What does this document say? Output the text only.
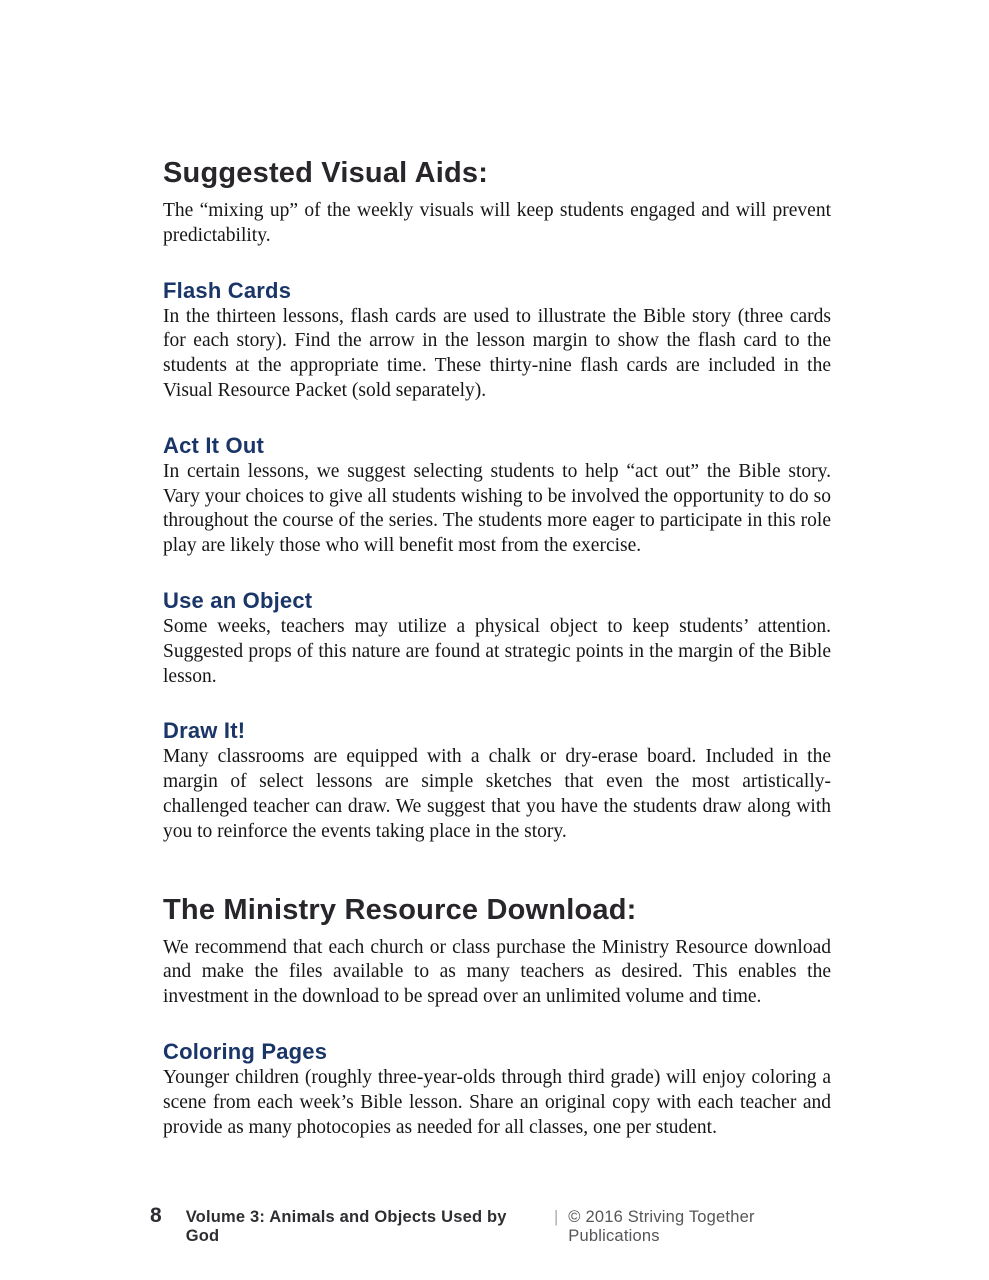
Suggested Visual Aids:

The “mixing up” of the weekly visuals will keep students engaged and will prevent predictability.

Flash Cards

In the thirteen lessons, flash cards are used to illustrate the Bible story (three cards for each story). Find the arrow in the lesson margin to show the flash card to the students at the appropriate time. These thirty-nine flash cards are included in the Visual Resource Packet (sold separately).

Act It Out

In certain lessons, we suggest selecting students to help “act out” the Bible story. Vary your choices to give all students wishing to be involved the opportunity to do so throughout the course of the series. The students more eager to participate in this role play are likely those who will benefit most from the exercise.

Use an Object

Some weeks, teachers may utilize a physical object to keep students’ attention. Suggested props of this nature are found at strategic points in the margin of the Bible lesson.

Draw It!

Many classrooms are equipped with a chalk or dry-erase board. Included in the margin of select lessons are simple sketches that even the most artistically-challenged teacher can draw. We suggest that you have the students draw along with you to reinforce the events taking place in the story.

The Ministry Resource Download:

We recommend that each church or class purchase the Ministry Resource download and make the files available to as many teachers as desired. This enables the investment in the download to be spread over an unlimited volume and time.

Coloring Pages

Younger children (roughly three-year-olds through third grade) will enjoy coloring a scene from each week’s Bible lesson. Share an original copy with each teacher and provide as many photocopies as needed for all classes, one per student.

8 Volume 3: Animals and Objects Used by God
| © 2016 Striving Together Publications
